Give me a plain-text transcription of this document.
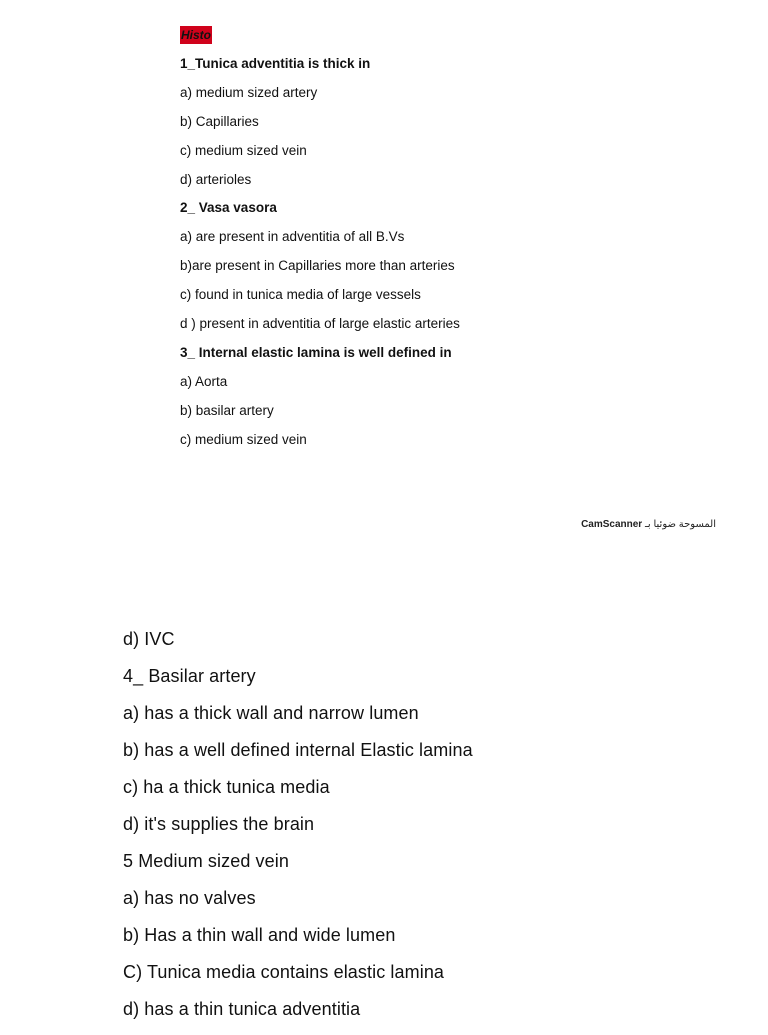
Histo
1_Tunica adventitia is thick in
a) medium sized artery
b) Capillaries
c) medium sized vein
d) arterioles
2_ Vasa vasora
a) are present in adventitia of all B.Vs
b)are present in Capillaries more than arteries
c) found in tunica media of large vessels
d ) present in adventitia of large elastic arteries
3_ Internal elastic lamina is well defined in
a) Aorta
b) basilar artery
c) medium sized vein
CamScanner المسوحة ضوئيا بـ
d) IVC
4_ Basilar artery
a) has a thick wall and narrow lumen
b) has a well defined internal Elastic lamina
c) ha a thick tunica media
d) it's supplies the brain
5 Medium sized vein
a) has no valves
b) Has a thin wall and wide lumen
C) Tunica media contains elastic lamina
d) has a thin tunica adventitia
